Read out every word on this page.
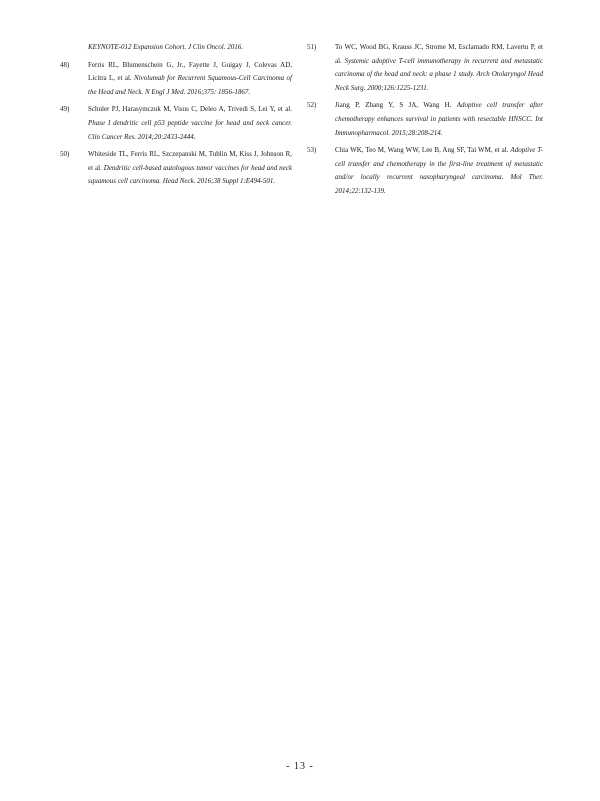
KEYNOTE-012 Expansion Cohort. J Clin Oncol. 2016.
48)	Ferris RL, Blumenschein G, Jr., Fayette J, Guigay J, Colevas AD, Licitra L, et al. Nivolumab for Recurrent Squamous-Cell Carcinoma of the Head and Neck. N Engl J Med. 2016;375: 1856-1867.
49)	Schuler PJ, Harasymczuk M, Visus C, Deleo A, Trivedi S, Lei Y, et al. Phase I dendritic cell p53 peptide vaccine for head and neck cancer. Clin Cancer Res. 2014;20:2433-2444.
50)	Whiteside TL, Ferris RL, Szczepanski M, Tublin M, Kiss J, Johnson R, et al. Dendritic cell-based autologous tumor vaccines for head and neck squamous cell carcinoma. Head Neck. 2016;38 Suppl 1:E494-501.
51)	To WC, Wood BG, Krauss JC, Strome M, Esclamado RM, Lavertu P, et al. Systemic adoptive T-cell immunotherapy in recurrent and metastatic carcinoma of the head and neck: a phase 1 study. Arch Otolaryngol Head Neck Surg. 2000;126:1225-1231.
52)	Jiang P, Zhang Y, S JA, Wang H. Adoptive cell transfer after chemotherapy enhances survival in patients with resectable HNSCC. Int Immunopharmacol. 2015;28:208-214.
53)	Chia WK, Teo M, Wang WW, Lee B, Ang SF, Tai WM, et al. Adoptive T-cell transfer and chemotherapy in the first-line treatment of metastatic and/or locally recurrent nasopharyngeal carcinoma. Mol Ther. 2014;22:132-139.
- 13 -
